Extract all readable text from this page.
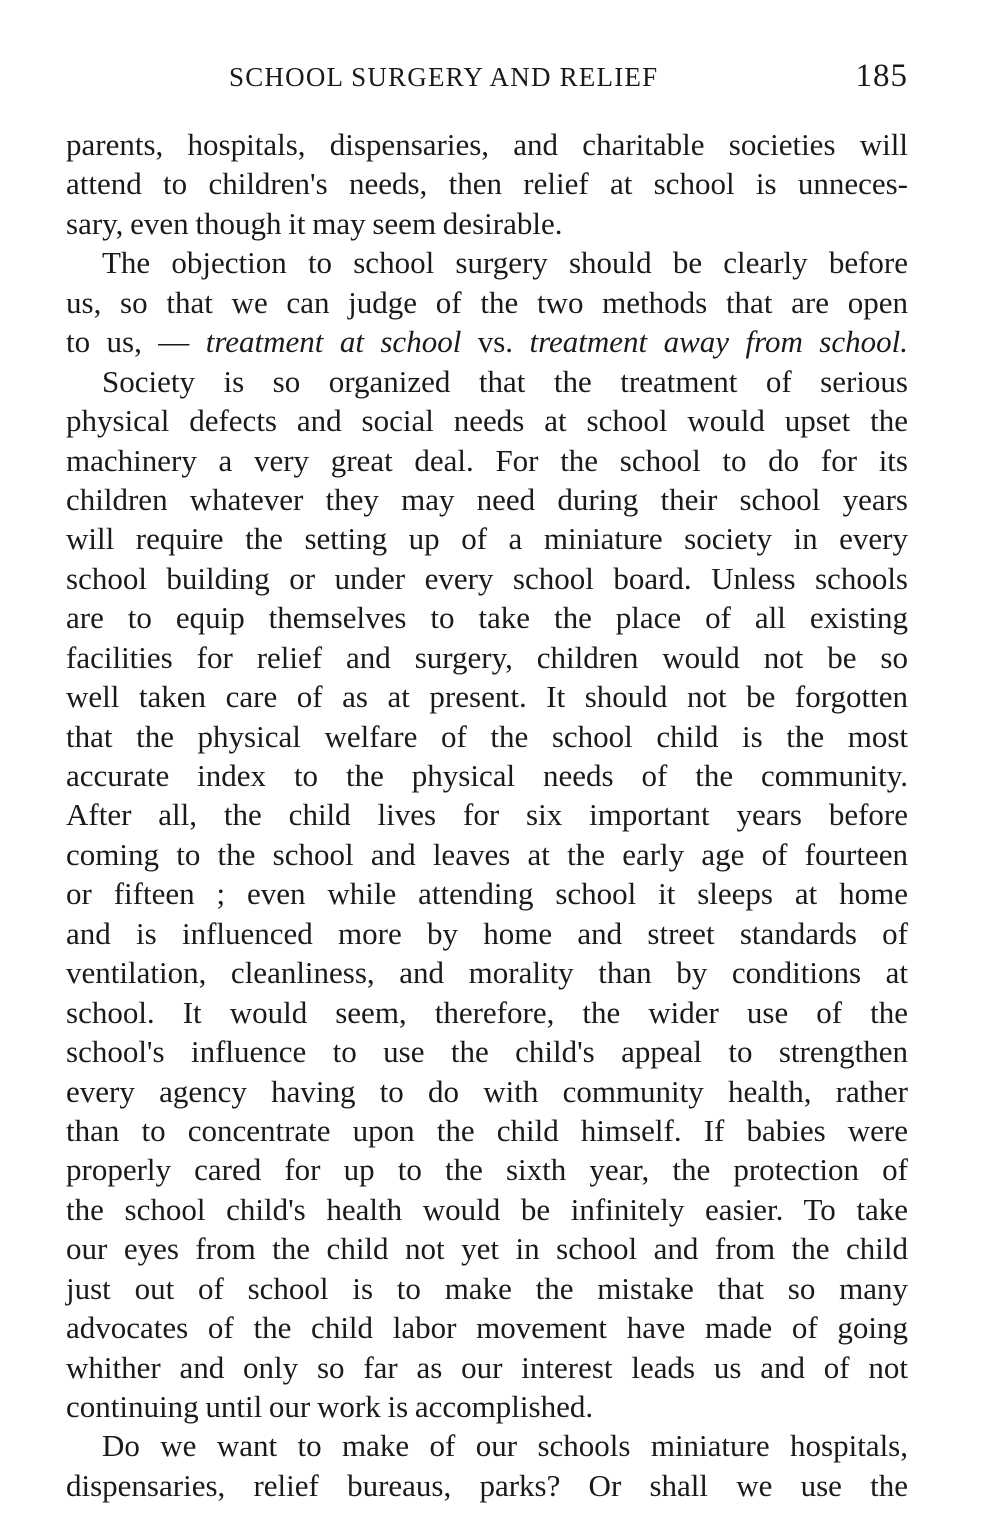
SCHOOL SURGERY AND RELIEF	185
parents, hospitals, dispensaries, and charitable societies will
attend to children's needs, then relief at school is unneces-
sary, even though it may seem desirable.
The objection to school surgery should be clearly before
us, so that we can judge of the two methods that are open
to us, — treatment at school vs. treatment away from school.
Society is so organized that the treatment of serious
physical defects and social needs at school would upset the
machinery a very great deal. For the school to do for its
children whatever they may need during their school years
will require the setting up of a miniature society in every
school building or under every school board. Unless schools
are to equip themselves to take the place of all existing
facilities for relief and surgery, children would not be so
well taken care of as at present. It should not be forgotten
that the physical welfare of the school child is the most
accurate index to the physical needs of the community.
After all, the child lives for six important years before
coming to the school and leaves at the early age of fourteen
or fifteen ; even while attending school it sleeps at home
and is influenced more by home and street standards of
ventilation, cleanliness, and morality than by conditions at
school. It would seem, therefore, the wider use of the
school's influence to use the child's appeal to strengthen
every agency having to do with community health, rather
than to concentrate upon the child himself. If babies were
properly cared for up to the sixth year, the protection of
the school child's health would be infinitely easier. To take
our eyes from the child not yet in school and from the child
just out of school is to make the mistake that so many
advocates of the child labor movement have made of going
whither and only so far as our interest leads us and of not
continuing until our work is accomplished.
Do we want to make of our schools miniature hospitals,
dispensaries, relief bureaus, parks? Or shall we use the
